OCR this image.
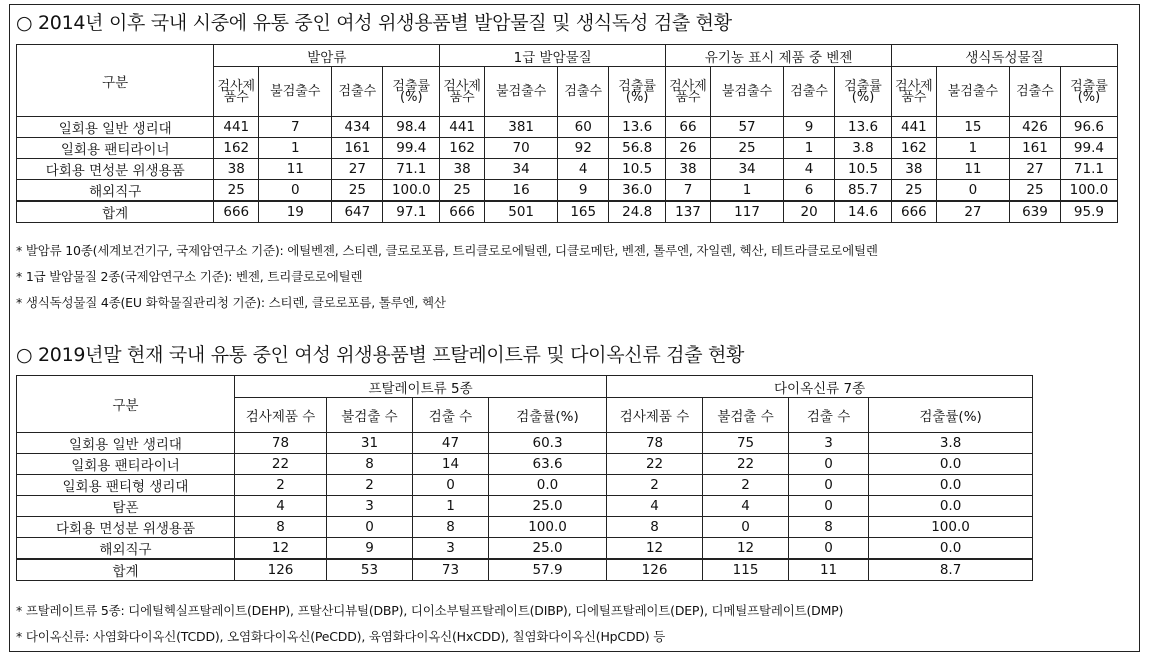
○ 2014년 이후 국내 시중에 유통 중인 여성 위생용품별 발암물질 및 생식독성 검출 현황
구분	발암류				1급 발암물질				유기농 표시 제품 중 벤젠				생식독성물질			
	검사제품수	불검출수	검출수	검출률(%)	검사제품수	불검출수	검출수	검출률(%)	검사제품수	불검출수	검출수	검출률(%)	검사제품수	불검출수	검출수	검출률(%)
일회용 일반 생리대	441	7	434	98.4	441	381	60	13.6	66	57	9	13.6	441	15	426	96.6
일회용 팬티라이너	162	1	161	99.4	162	70	92	56.8	26	25	1	3.8	162	1	161	99.4
다회용 면성분 위생용품	38	11	27	71.1	38	34	4	10.5	38	34	4	10.5	38	11	27	71.1
해외직구	25	0	25	100.0	25	16	9	36.0	7	1	6	85.7	25	0	25	100.0
합계	666	19	647	97.1	666	501	165	24.8	137	117	20	14.6	666	27	639	95.9
* 발암류 10종(세계보건기구, 국제암연구소 기준): 에틸벤젠, 스티렌, 클로로포름, 트리클로로에틸렌, 디클로메탄, 벤젠, 톨루엔, 자일렌, 헥산, 테트라클로로에틸렌
* 1급 발암물질 2종(국제암연구소 기준): 벤젠, 트리클로로에틸렌
* 생식독성물질 4종(EU 화학물질관리청 기준): 스티렌, 클로로포름, 톨루엔, 헥산
○ 2019년말 현재 국내 유통 중인 여성 위생용품별 프탈레이트류 및 다이옥신류 검출 현황
구분	프탈레이트류 5종				다이옥신류 7종			
	검사제품 수	불검출 수	검출 수	검출률(%)	검사제품 수	불검출 수	검출 수	검출률(%)
일회용 일반 생리대	78	31	47	60.3	78	75	3	3.8
일회용 팬티라이너	22	8	14	63.6	22	22	0	0.0
일회용 팬티형 생리대	2	2	0	0.0	2	2	0	0.0
탐폰	4	3	1	25.0	4	4	0	0.0
다회용 면성분 위생용품	8	0	8	100.0	8	0	8	100.0
해외직구	12	9	3	25.0	12	12	0	0.0
합계	126	53	73	57.9	126	115	11	8.7
* 프탈레이트류 5종: 디에틸헥실프탈레이트(DEHP), 프탈산디뷰틸(DBP), 디이소부틸프탈레이트(DIBP), 디에틸프탈레이트(DEP), 디메틸프탈레이트(DMP)
* 다이옥신류: 사염화다이옥신(TCDD), 오염화다이옥신(PeCDD), 육염화다이옥신(HxCDD), 칠염화다이옥신(HpCDD) 등
